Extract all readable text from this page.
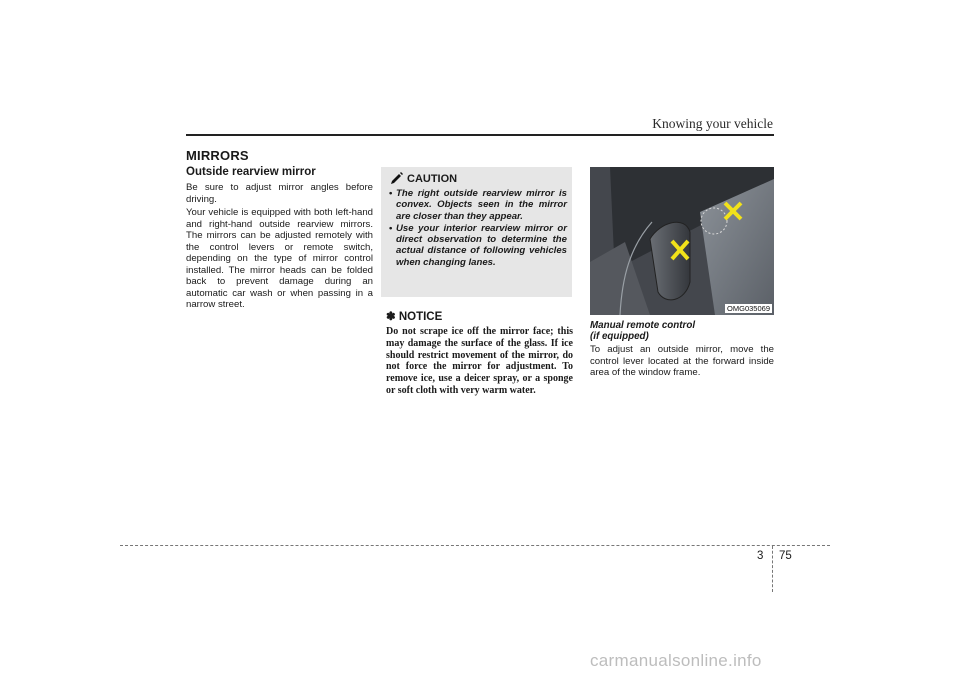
Knowing your vehicle
MIRRORS
Outside rearview mirror

Be sure to adjust mirror angles before driving.

Your vehicle is equipped with both left-hand and right-hand outside rearview mirrors. The mirrors can be adjusted remotely with the control levers or remote switch, depending on the type of mirror control installed. The mirror heads can be folded back to prevent damage during an automatic car wash or when passing in a narrow street.

CAUTION
• The right outside rearview mirror is convex. Objects seen in the mirror are closer than they appear.
• Use your interior rearview mirror or direct observation to determine the actual distance of following vehicles when changing lanes.
✽ NOTICE

Do not scrape ice off the mirror face; this may damage the surface of the glass. If ice should restrict movement of the mirror, do not force the mirror for adjustment. To remove ice, use a deicer spray, or a sponge or soft cloth with very warm water.

OMG035069
Manual remote control
(if equipped)

To adjust an outside mirror, move the control lever located at the forward inside area of the window frame.

3 75
carmanualsonline.info
